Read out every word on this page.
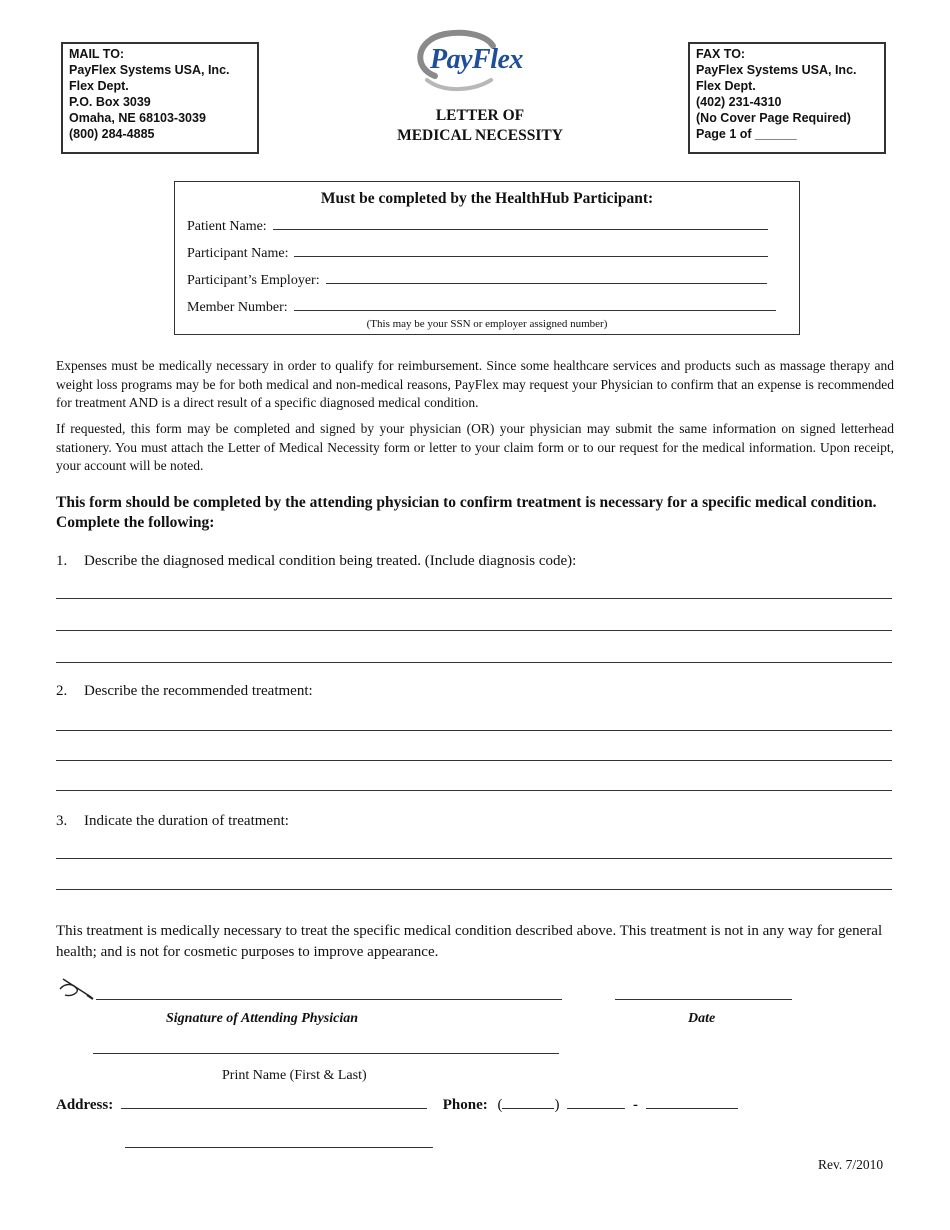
MAIL TO:
PayFlex Systems USA, Inc.
Flex Dept.
P.O. Box 3039
Omaha, NE 68103-3039
(800) 284-4885
PayFlex
LETTER OF
MEDICAL NECESSITY
FAX TO:
PayFlex Systems USA, Inc.
Flex Dept.
(402) 231-4310
(No Cover Page Required)
Page 1 of ______
Must be completed by the HealthHub Participant:
Patient Name:
Participant Name:
Participant’s Employer:
Member Number:
(This may be your SSN or employer assigned number)
Expenses must be medically necessary in order to qualify for reimbursement. Since some healthcare services and products such as massage therapy and weight loss programs may be for both medical and non-medical reasons, PayFlex may request your Physician to confirm that an expense is recommended for treatment AND is a direct result of a specific diagnosed medical condition.
If requested, this form may be completed and signed by your physician (OR) your physician may submit the same information on signed letterhead stationery. You must attach the Letter of Medical Necessity form or letter to your claim form or to our request for the medical information. Upon receipt, your account will be noted.
This form should be completed by the attending physician to confirm treatment is necessary for a specific medical condition. Complete the following:
1. Describe the diagnosed medical condition being treated. (Include diagnosis code):
2. Describe the recommended treatment:
3. Indicate the duration of treatment:
This treatment is medically necessary to treat the specific medical condition described above. This treatment is not in any way for general health; and is not for cosmetic purposes to improve appearance.
Signature of Attending Physician	Date
Print Name (First & Last)
Address:	Phone: (	)	-
Rev. 7/2010
